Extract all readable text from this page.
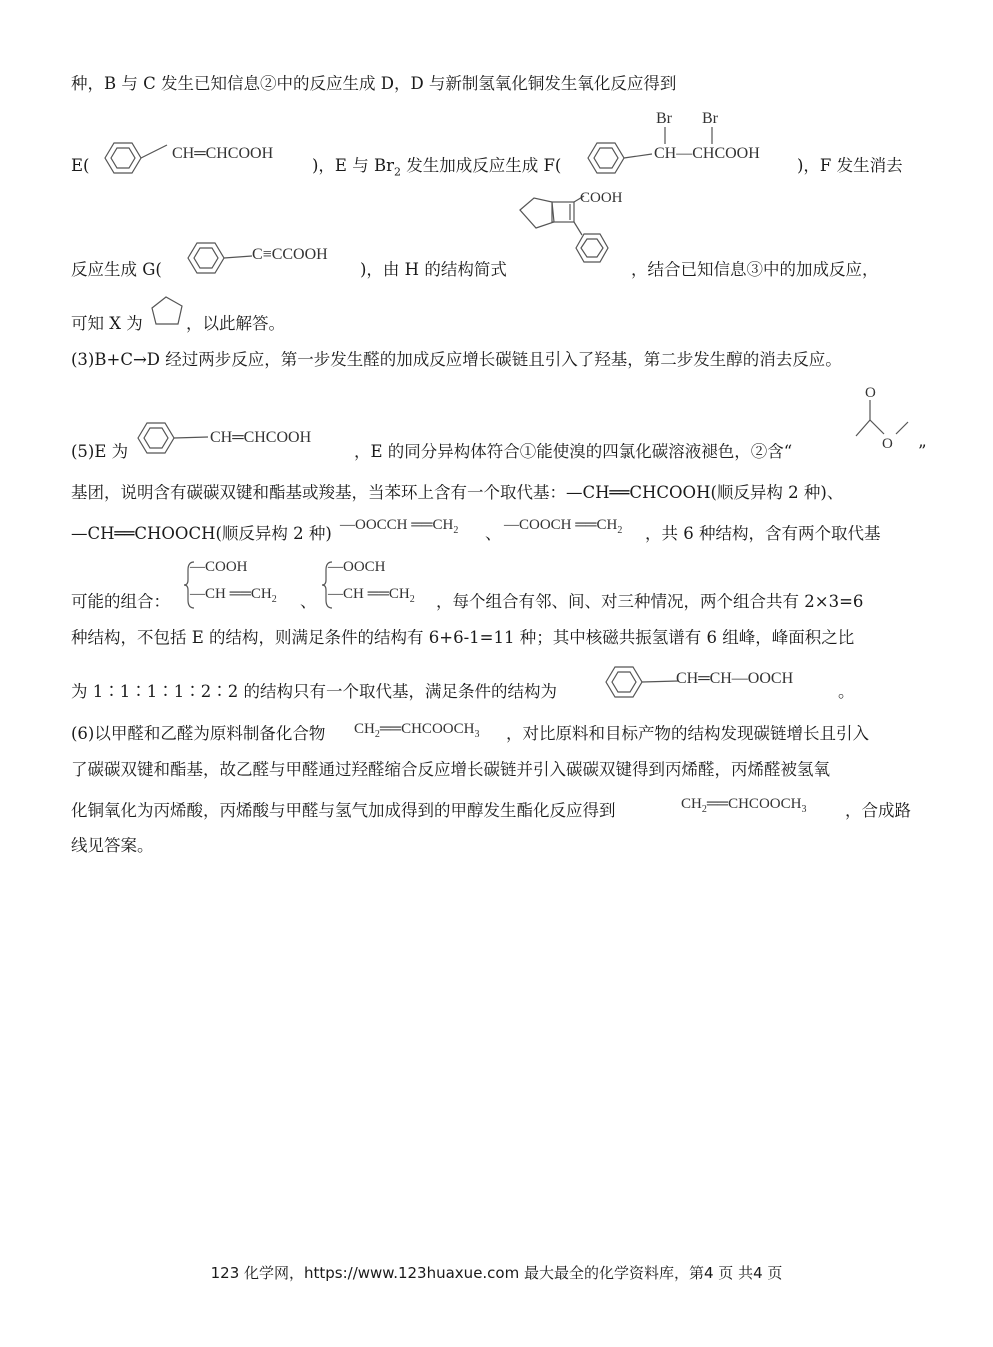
种，B 与 C 发生已知信息②中的反应生成 D，D 与新制氢氧化铜发生氧化反应得到
E(
CH═CHCOOH
)，E 与 $Br_2$ 发生加成反应生成 F(
Br Br
CH—CHCOOH
)，F 发生消去
反应生成 G(
C≡CCOOH
)，由 H 的结构简式
COOH
，结合已知信息③中的加成反应，
可知 X 为	，以此解答。
(3)B+C→D 经过两步反应，第一步发生醛的加成反应增长碳链且引入了羟基，第二步发生醇的消去反应。
(5)E 为
CH═CHCOOH
，E 的同分异构体符合①能使溴的四氯化碳溶液褪色，②含“
O
O ”
基团，说明含有碳碳双键和酯基或羧基，当苯环上含有一个取代基：—CH══CHCOOH(顺反异构 2 种)、
—CH══CHOOCH(顺反异构 2 种) —OOCCH $══CH_2$ 、 —COOCH $══CH_2$ ，共 6 种结构，含有两个取代基
可能的组合：
—COOH
—CH $══CH_2$ 、
—OOCH
—CH $══CH_2$ ，每个组合有邻、间、对三种情况，两个组合共有 2×3=6
种结构，不包括 E 的结构，则满足条件的结构有 6+6-1=11 种；其中核磁共振氢谱有 6 组峰，峰面积之比
为 1∶1∶1∶1∶2∶2 的结构只有一个取代基，满足条件的结构为
CH═CH—OOCH
。
(6)以甲醛和乙醛为原料制备化合物 $CH_2══CHCOOCH_3$ ，对比原料和目标产物的结构发现碳链增长且引入
了碳碳双键和酯基，故乙醛与甲醛通过羟醛缩合反应增长碳链并引入碳碳双键得到丙烯醛，丙烯醛被氢氧
化铜氧化为丙烯酸，丙烯酸与甲醛与氢气加成得到的甲醇发生酯化反应得到	$CH_2══CHCOOCH_3$ ，合成路
线见答案。
123 化学网，https://www.123huaxue.com 最大最全的化学资料库，第4 页 共4 页
